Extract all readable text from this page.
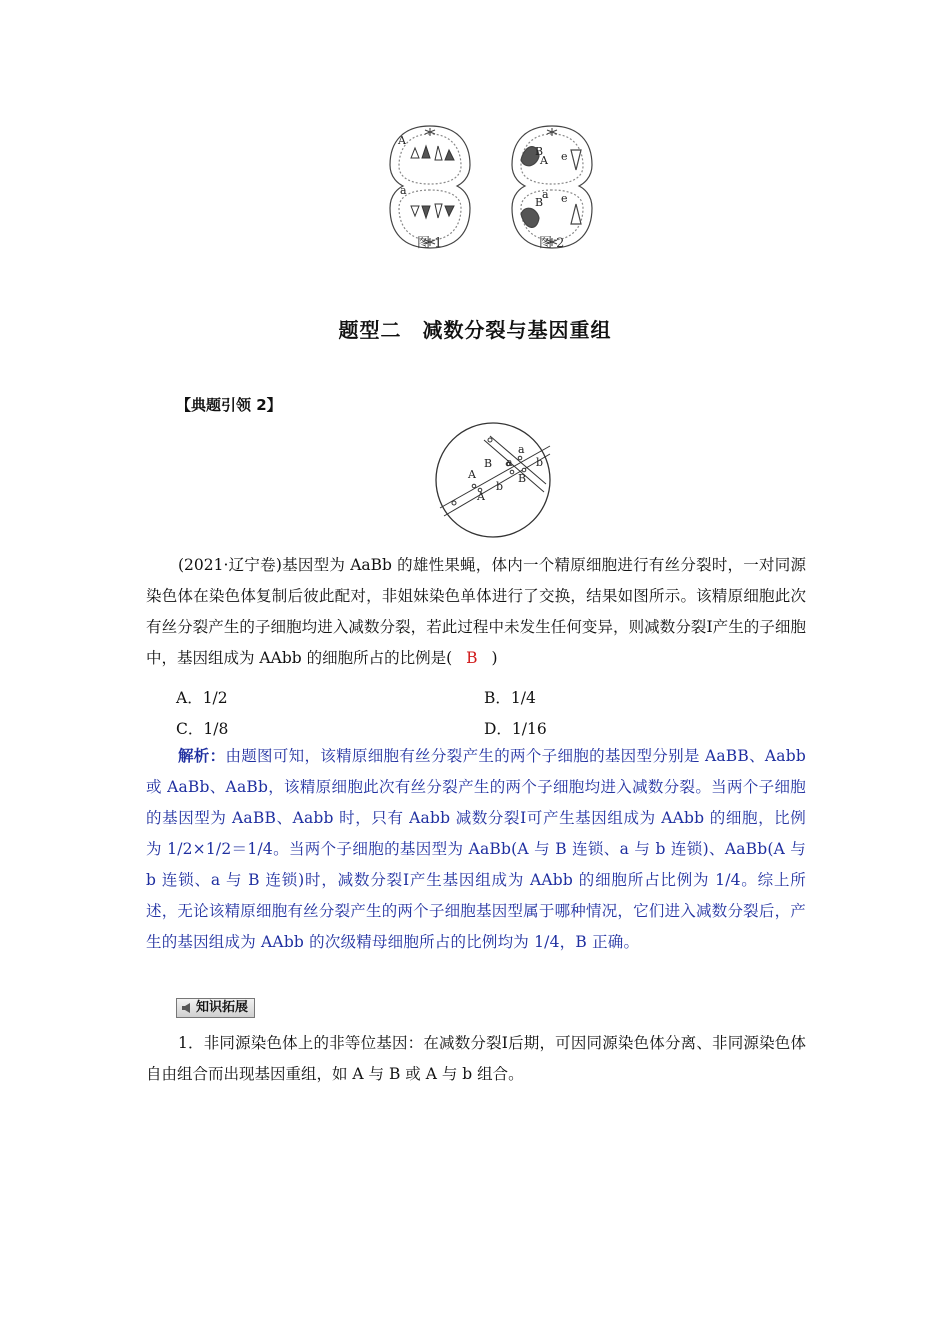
A
a
B
A e
a
B e
图 1	图 2
题型二　减数分裂与基因重组
【典题引领 2】
a
B a b
A	B
b
A
(2021·辽宁卷)基因型为 AaBb 的雄性果蝇，体内一个精原细胞进行有丝分裂时，一对同源染色体在染色体复制后彼此配对，非姐妹染色单体进行了交换，结果如图所示。该精原细胞此次有丝分裂产生的子细胞均进入减数分裂，若此过程中未发生任何变异，则减数分裂Ⅰ产生的子细胞中，基因组成为 AAbb 的细胞所占的比例是( B )
A．1/2	B．1/4
C．1/8	D．1/16
解析：由题图可知，该精原细胞有丝分裂产生的两个子细胞的基因型分别是 AaBB、Aabb 或 AaBb、AaBb，该精原细胞此次有丝分裂产生的两个子细胞均进入减数分裂。当两个子细胞的基因型为 AaBB、Aabb 时，只有 Aabb 减数分裂Ⅰ可产生基因组成为 AAbb 的细胞，比例为 1/2×1/2＝1/4。当两个子细胞的基因型为 AaBb(A 与 B 连锁、a 与 b 连锁)、AaBb(A 与 b 连锁、a 与 B 连锁)时，减数分裂Ⅰ产生基因组成为 AAbb 的细胞所占比例为 1/4。综上所述，无论该精原细胞有丝分裂产生的两个子细胞基因型属于哪种情况，它们进入减数分裂后，产生的基因组成为 AAbb 的次级精母细胞所占的比例均为 1/4，B 正确。
知识拓展
1．非同源染色体上的非等位基因：在减数分裂Ⅰ后期，可因同源染色体分离、非同源染色体自由组合而出现基因重组，如 A 与 B 或 A 与 b 组合。
